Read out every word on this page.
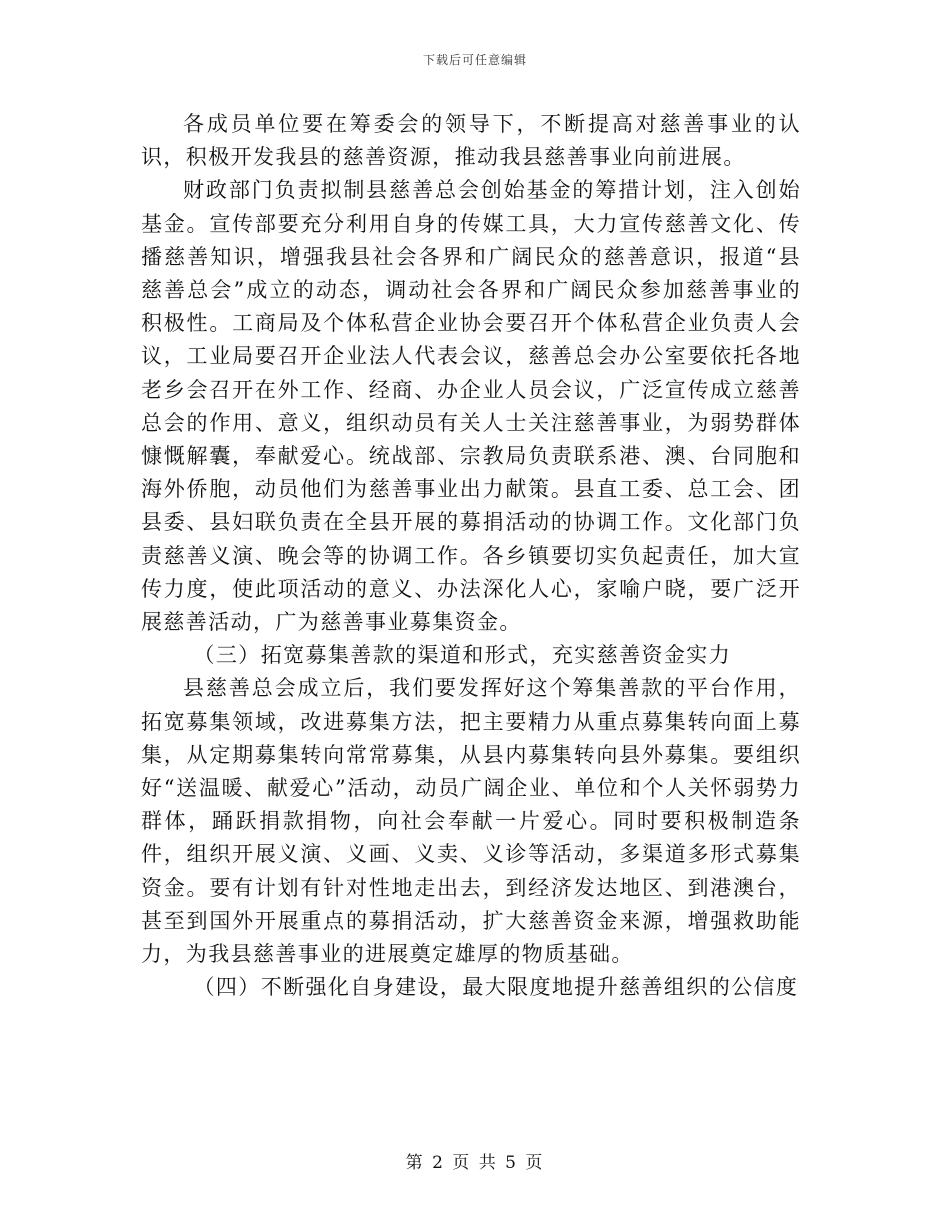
下载后可任意编辑

各成员单位要在筹委会的领导下，不断提高对慈善事业的认识，积极开发我县的慈善资源，推动我县慈善事业向前进展。

财政部门负责拟制县慈善总会创始基金的筹措计划，注入创始基金。宣传部要充分利用自身的传媒工具，大力宣传慈善文化、传播慈善知识，增强我县社会各界和广阔民众的慈善意识，报道“县慈善总会”成立的动态，调动社会各界和广阔民众参加慈善事业的积极性。工商局及个体私营企业协会要召开个体私营企业负责人会议，工业局要召开企业法人代表会议，慈善总会办公室要依托各地老乡会召开在外工作、经商、办企业人员会议，广泛宣传成立慈善总会的作用、意义，组织动员有关人士关注慈善事业，为弱势群体慷慨解囊，奉献爱心。统战部、宗教局负责联系港、澳、台同胞和海外侨胞，动员他们为慈善事业出力献策。县直工委、总工会、团县委、县妇联负责在全县开展的募捐活动的协调工作。文化部门负责慈善义演、晚会等的协调工作。各乡镇要切实负起责任，加大宣传力度，使此项活动的意义、办法深化人心，家喻户晓，要广泛开展慈善活动，广为慈善事业募集资金。

（三）拓宽募集善款的渠道和形式，充实慈善资金实力

县慈善总会成立后，我们要发挥好这个筹集善款的平台作用，拓宽募集领域，改进募集方法，把主要精力从重点募集转向面上募集，从定期募集转向常常募集，从县内募集转向县外募集。要组织好“送温暖、献爱心”活动，动员广阔企业、单位和个人关怀弱势力群体，踊跃捐款捐物，向社会奉献一片爱心。同时要积极制造条件，组织开展义演、义画、义卖、义诊等活动，多渠道多形式募集资金。要有计划有针对性地走出去，到经济发达地区、到港澳台，甚至到国外开展重点的募捐活动，扩大慈善资金来源，增强救助能力，为我县慈善事业的进展奠定雄厚的物质基础。

（四）不断强化自身建设，最大限度地提升慈善组织的公信度

第 2 页 共 5 页
